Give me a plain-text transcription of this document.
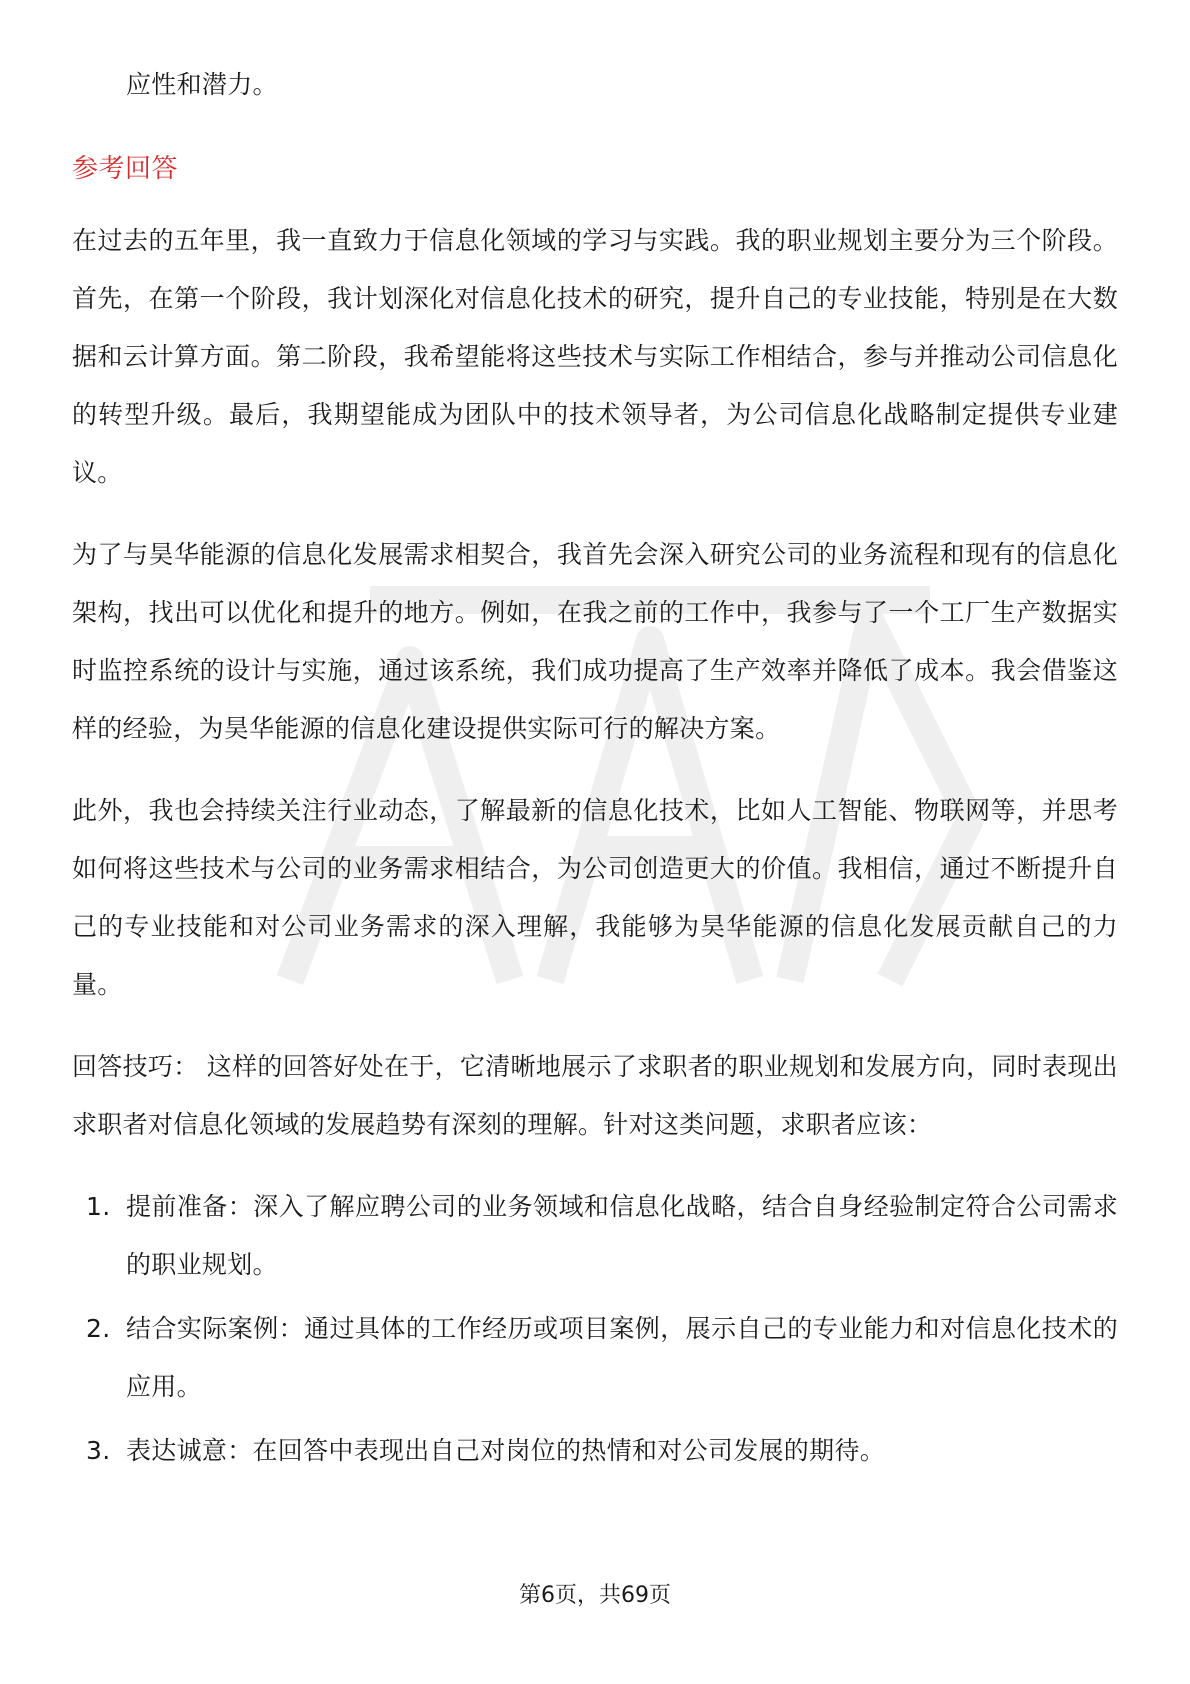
应性和潜力。

参考回答

在过去的五年里，我一直致力于信息化领域的学习与实践。我的职业规划主要分为三个阶段。首先，在第一个阶段，我计划深化对信息化技术的研究，提升自己的专业技能，特别是在大数据和云计算方面。第二阶段，我希望能将这些技术与实际工作相结合，参与并推动公司信息化的转型升级。最后，我期望能成为团队中的技术领导者，为公司信息化战略制定提供专业建议。

为了与昊华能源的信息化发展需求相契合，我首先会深入研究公司的业务流程和现有的信息化架构，找出可以优化和提升的地方。例如，在我之前的工作中，我参与了一个工厂生产数据实时监控系统的设计与实施，通过该系统，我们成功提高了生产效率并降低了成本。我会借鉴这样的经验，为昊华能源的信息化建设提供实际可行的解决方案。

此外，我也会持续关注行业动态，了解最新的信息化技术，比如人工智能、物联网等，并思考如何将这些技术与公司的业务需求相结合，为公司创造更大的价值。我相信，通过不断提升自己的专业技能和对公司业务需求的深入理解，我能够为昊华能源的信息化发展贡献自己的力量。

回答技巧： 这样的回答好处在于，它清晰地展示了求职者的职业规划和发展方向，同时表现出求职者对信息化领域的发展趋势有深刻的理解。针对这类问题，求职者应该：

1. 提前准备：深入了解应聘公司的业务领域和信息化战略，结合自身经验制定符合公司需求的职业规划。
2. 结合实际案例：通过具体的工作经历或项目案例，展示自己的专业能力和对信息化技术的应用。
3. 表达诚意：在回答中表现出自己对岗位的热情和对公司发展的期待。
第6页，共69页
